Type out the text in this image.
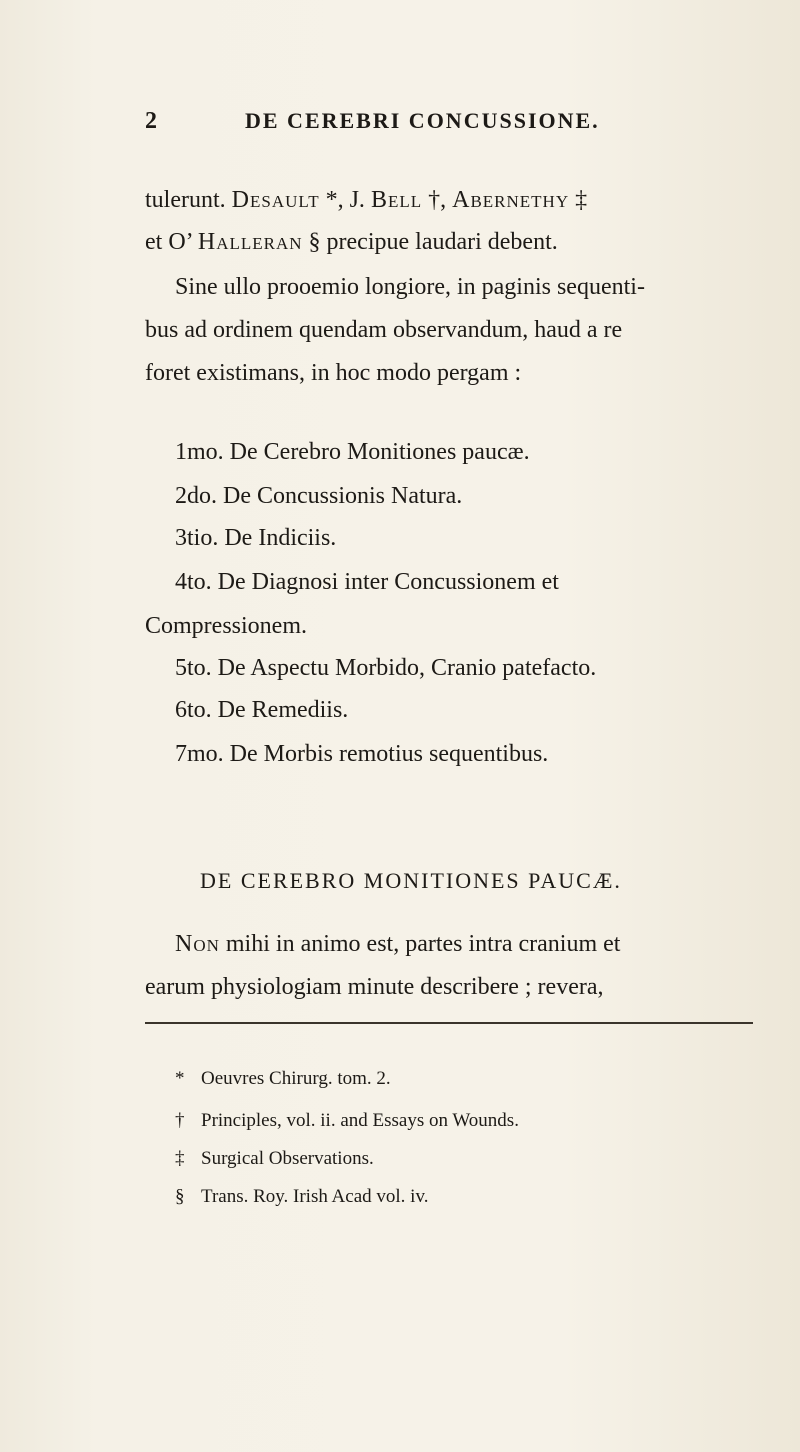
2	DE CEREBRI CONCUSSIONE.
tulerunt. Desault *, J. Bell †, Abernethy ‡
et O’ Halleran § precipue laudari debent.
Sine ullo prooemio longiore, in paginis sequenti-
bus ad ordinem quendam observandum, haud a re
foret existimans, in hoc modo pergam :
1mo. De Cerebro Monitiones paucæ.
2do. De Concussionis Natura.
3tio. De Indiciis.
4to. De Diagnosi inter Concussionem et
Compressionem.
5to. De Aspectu Morbido, Cranio patefacto.
6to. De Remediis.
7mo. De Morbis remotius sequentibus.
DE CEREBRO MONITIONES PAUCÆ.
Non mihi in animo est, partes intra cranium et
earum physiologiam minute describere ; revera,
* Oeuvres Chirurg. tom. 2.
† Principles, vol. ii. and Essays on Wounds.
‡ Surgical Observations.
§ Trans. Roy. Irish Acad vol. iv.
